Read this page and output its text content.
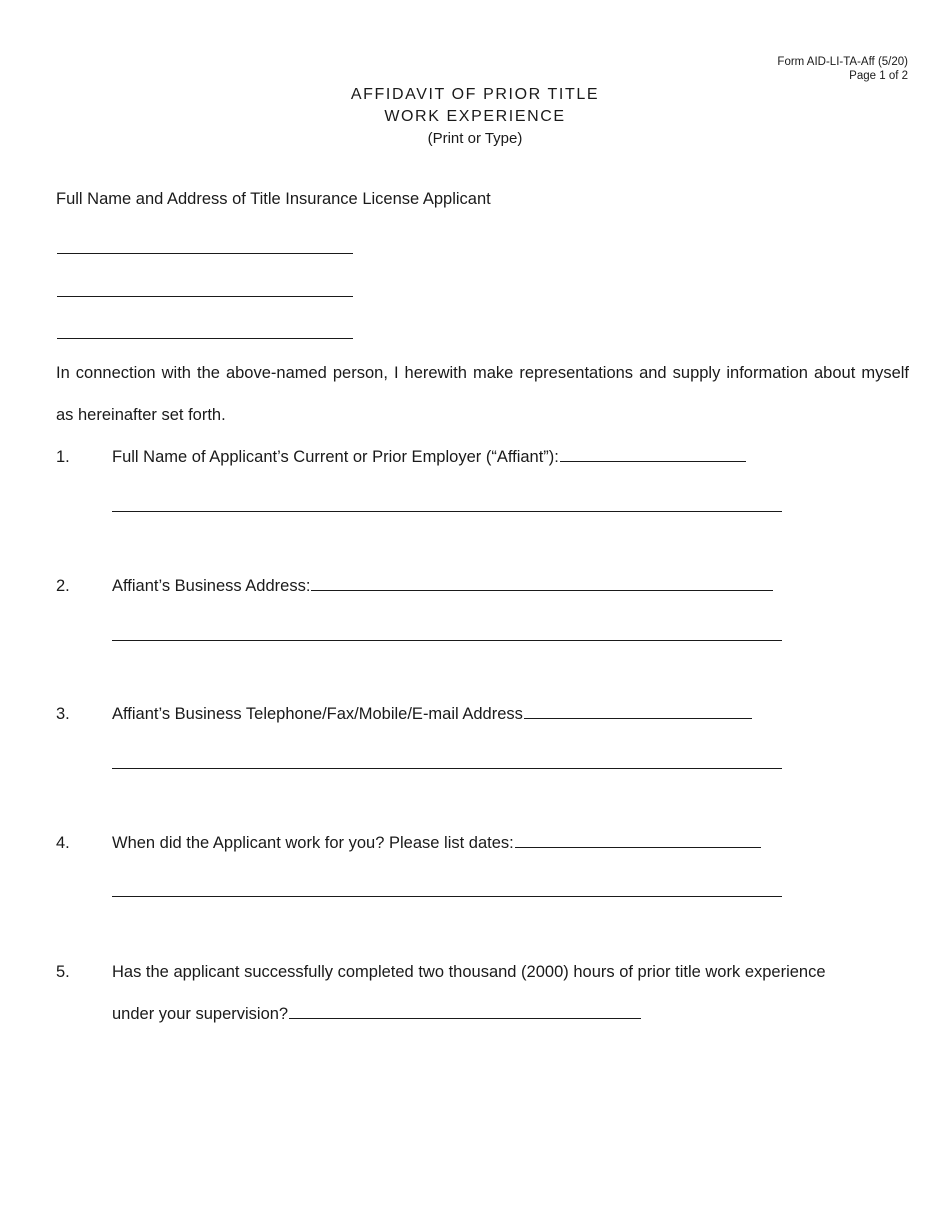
Form AID-LI-TA-Aff (5/20)
Page 1 of 2
AFFIDAVIT OF PRIOR TITLE
WORK EXPERIENCE
(Print or Type)
Full Name and Address of Title Insurance License Applicant
In connection with the above-named person, I herewith make representations and supply information about myself as hereinafter set forth.
1.	Full Name of Applicant’s Current or Prior Employer (“Affiant”):
2.	Affiant’s Business Address:
3.	Affiant’s Business Telephone/Fax/Mobile/E-mail Address
4.	When did the Applicant work for you? Please list dates:
5.	Has the applicant successfully completed two thousand (2000) hours of prior title work experience
under your supervision?
